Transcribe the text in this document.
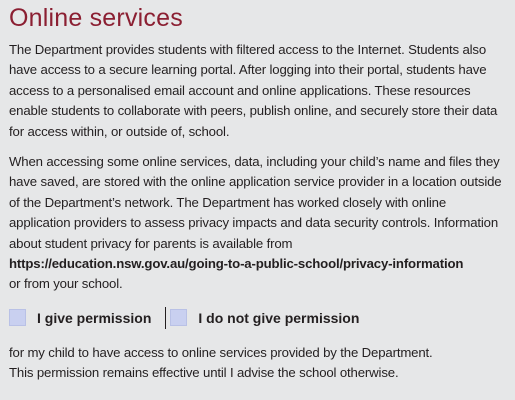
Online services

The Department provides students with filtered access to the Internet. Students also have access to a secure learning portal. After logging into their portal, students have access to a personalised email account and online applications. These resources enable students to collaborate with peers, publish online, and securely store their data for access within, or outside of, school.

When accessing some online services, data, including your child’s name and files they have saved, are stored with the online application service provider in a location outside of the Department’s network. The Department has worked closely with online application providers to assess privacy impacts and data security controls. Information about student privacy for parents is available from
https://​education.nsw.gov.au/going-to-a-public-school/privacy-information
or from your school.

I give permission	I do not give permission
for my child to have access to online services provided by the Department.
This permission remains effective until I advise the school otherwise.
